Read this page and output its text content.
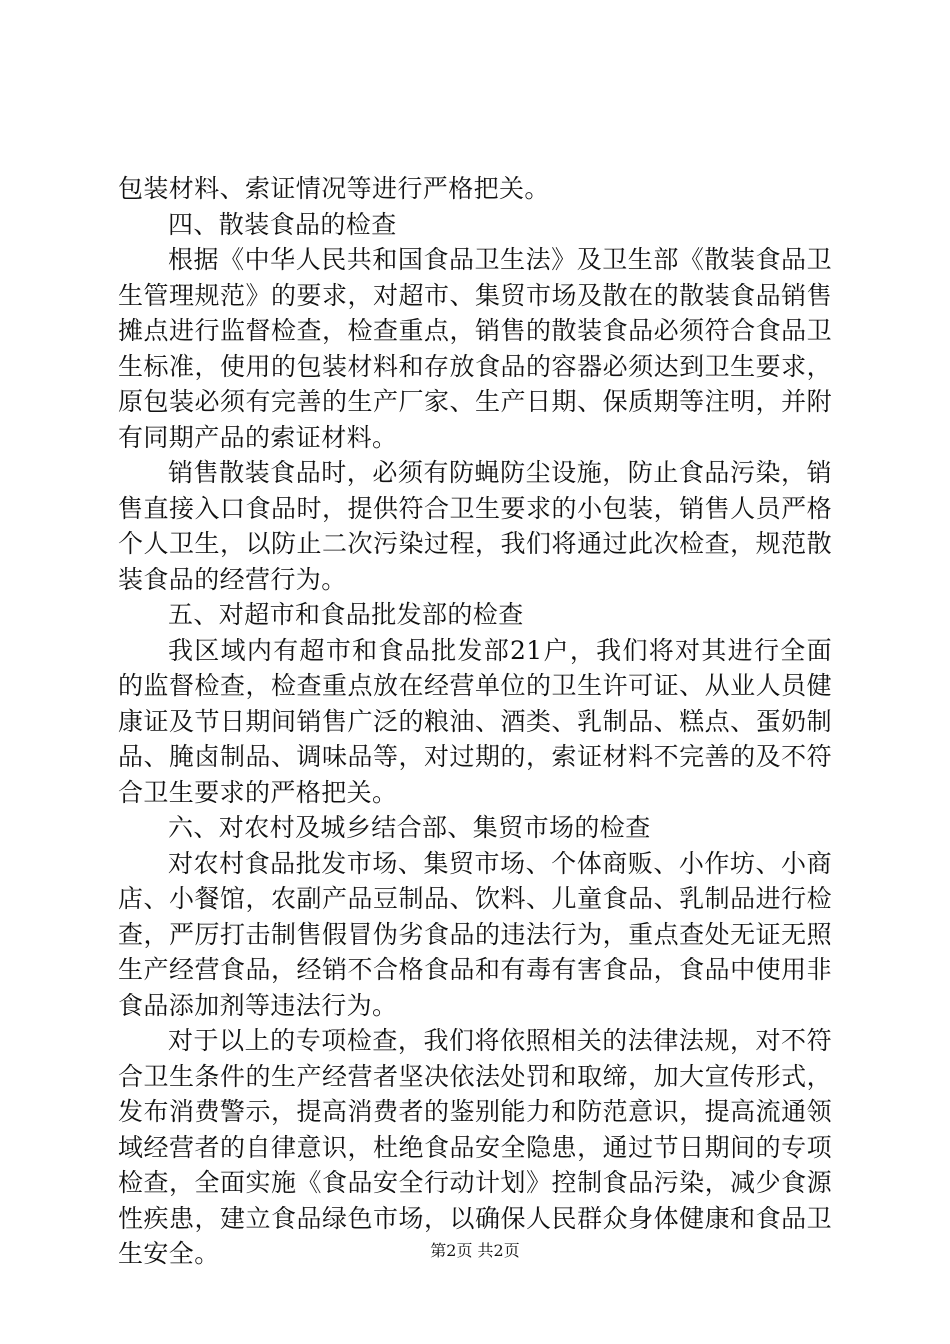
包装材料、索证情况等进行严格把关。

四、散装食品的检查

根据《中华人民共和国食品卫生法》及卫生部《散装食品卫生管理规范》的要求，对超市、集贸市场及散在的散装食品销售摊点进行监督检查，检查重点，销售的散装食品必须符合食品卫生标准，使用的包装材料和存放食品的容器必须达到卫生要求，原包装必须有完善的生产厂家、生产日期、保质期等注明，并附有同期产品的索证材料。

销售散装食品时，必须有防蝇防尘设施，防止食品污染，销售直接入口食品时，提供符合卫生要求的小包装，销售人员严格个人卫生，以防止二次污染过程，我们将通过此次检查，规范散装食品的经营行为。

五、对超市和食品批发部的检查

我区域内有超市和食品批发部21户，我们将对其进行全面的监督检查，检查重点放在经营单位的卫生许可证、从业人员健康证及节日期间销售广泛的粮油、酒类、乳制品、糕点、蛋奶制品、腌卤制品、调味品等，对过期的，索证材料不完善的及不符合卫生要求的严格把关。

六、对农村及城乡结合部、集贸市场的检查

对农村食品批发市场、集贸市场、个体商贩、小作坊、小商店、小餐馆，农副产品豆制品、饮料、儿童食品、乳制品进行检查，严厉打击制售假冒伪劣食品的违法行为，重点查处无证无照生产经营食品，经销不合格食品和有毒有害食品，食品中使用非食品添加剂等违法行为。

对于以上的专项检查，我们将依照相关的法律法规，对不符合卫生条件的生产经营者坚决依法处罚和取缔，加大宣传形式，发布消费警示，提高消费者的鉴别能力和防范意识，提高流通领域经营者的自律意识，杜绝食品安全隐患，通过节日期间的专项检查，全面实施《食品安全行动计划》控制食品污染，减少食源性疾患，建立食品绿色市场，以确保人民群众身体健康和食品卫生安全。	第2页 共2页
